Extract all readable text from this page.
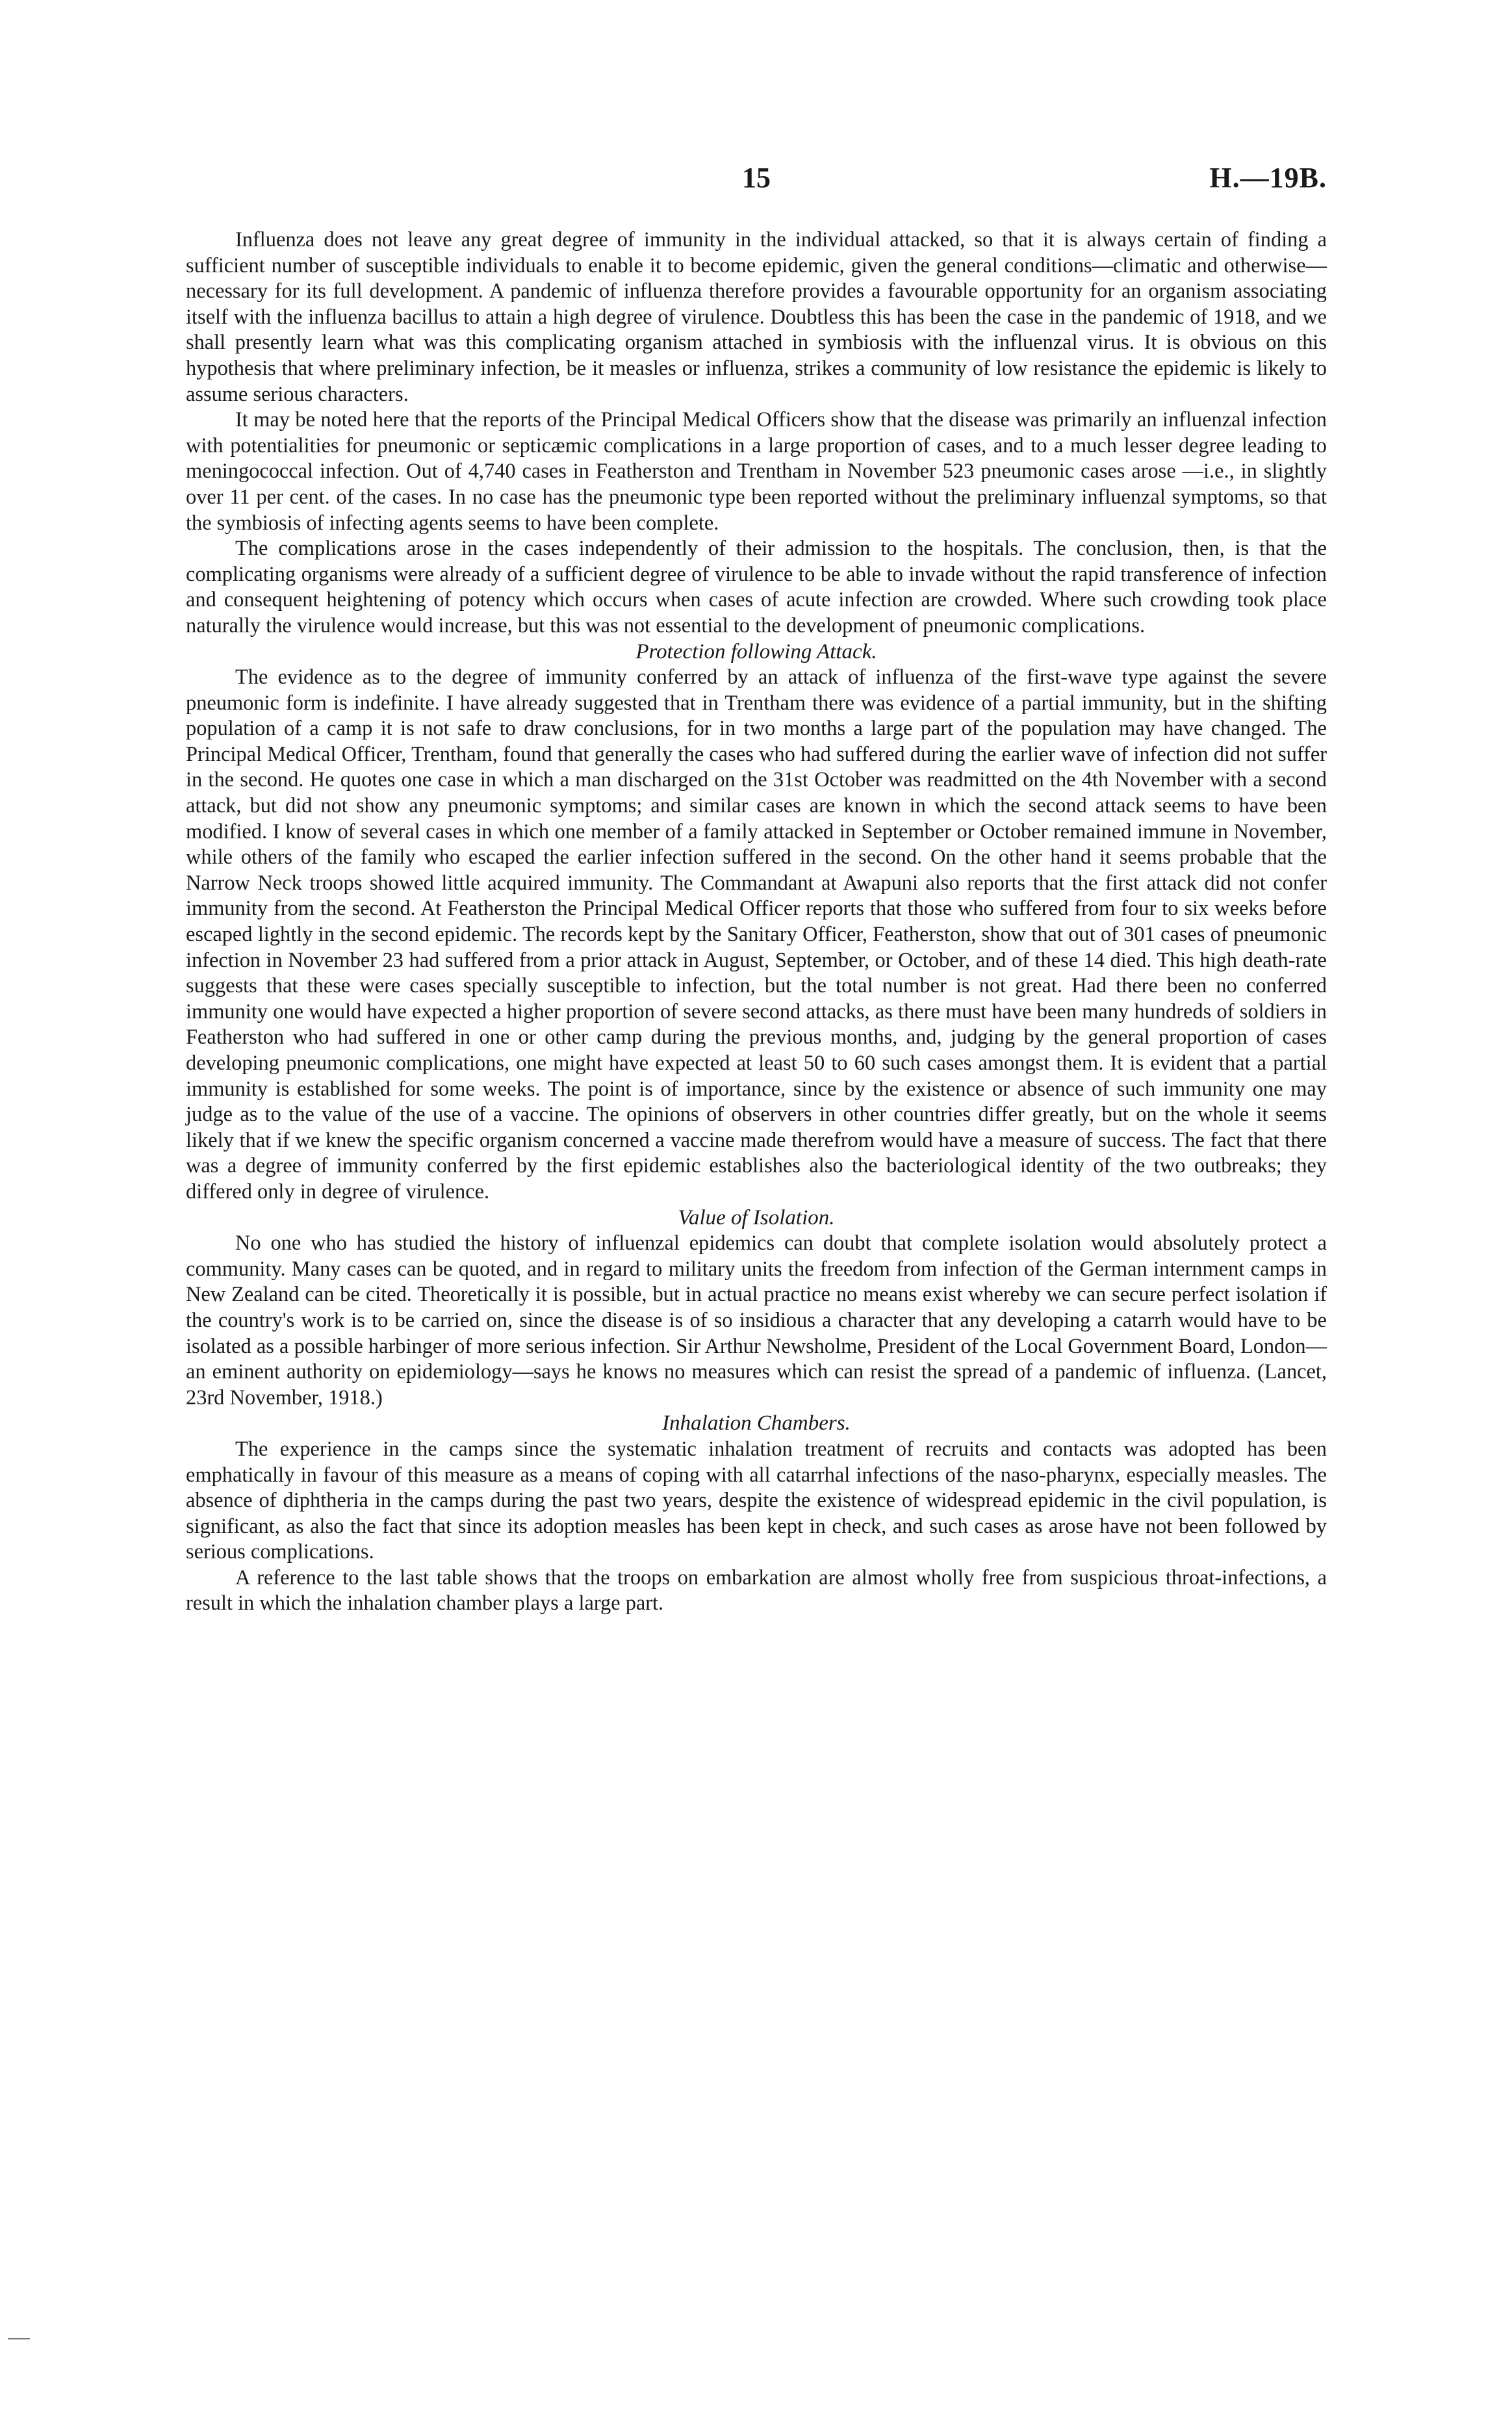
15	H.—19B.

Influenza does not leave any great degree of immunity in the individual attacked, so that it is always certain of finding a sufficient number of susceptible individuals to enable it to become epidemic, given the general conditions—climatic and otherwise—necessary for its full development. A pandemic of influenza therefore provides a favourable opportunity for an organism associating itself with the influenza bacillus to attain a high degree of virulence. Doubtless this has been the case in the pandemic of 1918, and we shall presently learn what was this complicating organism attached in symbiosis with the influenzal virus. It is obvious on this hypothesis that where preliminary infection, be it measles or influenza, strikes a community of low resistance the epidemic is likely to assume serious characters.

It may be noted here that the reports of the Principal Medical Officers show that the disease was primarily an influenzal infection with potentialities for pneumonic or septicæmic complications in a large proportion of cases, and to a much lesser degree leading to meningococcal infection. Out of 4,740 cases in Featherston and Trentham in November 523 pneumonic cases arose —i.e., in slightly over 11 per cent. of the cases. In no case has the pneumonic type been reported without the preliminary influenzal symptoms, so that the symbiosis of infecting agents seems to have been complete.

The complications arose in the cases independently of their admission to the hospitals. The conclusion, then, is that the complicating organisms were already of a sufficient degree of virulence to be able to invade without the rapid transference of infection and consequent heightening of potency which occurs when cases of acute infection are crowded. Where such crowding took place naturally the virulence would increase, but this was not essential to the development of pneumonic complications.

Protection following Attack.

The evidence as to the degree of immunity conferred by an attack of influenza of the first-wave type against the severe pneumonic form is indefinite. I have already suggested that in Trentham there was evidence of a partial immunity, but in the shifting population of a camp it is not safe to draw conclusions, for in two months a large part of the population may have changed. The Principal Medical Officer, Trentham, found that generally the cases who had suffered during the earlier wave of infection did not suffer in the second. He quotes one case in which a man discharged on the 31st October was readmitted on the 4th November with a second attack, but did not show any pneumonic symptoms; and similar cases are known in which the second attack seems to have been modified. I know of several cases in which one member of a family attacked in September or October remained immune in November, while others of the family who escaped the earlier infection suffered in the second. On the other hand it seems probable that the Narrow Neck troops showed little acquired immunity. The Commandant at Awapuni also reports that the first attack did not confer immunity from the second. At Featherston the Principal Medical Officer reports that those who suffered from four to six weeks before escaped lightly in the second epidemic. The records kept by the Sanitary Officer, Featherston, show that out of 301 cases of pneumonic infection in November 23 had suffered from a prior attack in August, September, or October, and of these 14 died. This high death-rate suggests that these were cases specially susceptible to infection, but the total number is not great. Had there been no conferred immunity one would have expected a higher proportion of severe second attacks, as there must have been many hundreds of soldiers in Featherston who had suffered in one or other camp during the previous months, and, judging by the general proportion of cases developing pneumonic complications, one might have expected at least 50 to 60 such cases amongst them. It is evident that a partial immunity is established for some weeks. The point is of importance, since by the existence or absence of such immunity one may judge as to the value of the use of a vaccine. The opinions of observers in other countries differ greatly, but on the whole it seems likely that if we knew the specific organism concerned a vaccine made therefrom would have a measure of success. The fact that there was a degree of immunity conferred by the first epidemic establishes also the bacteriological identity of the two outbreaks; they differed only in degree of virulence.

Value of Isolation.

No one who has studied the history of influenzal epidemics can doubt that complete isolation would absolutely protect a community. Many cases can be quoted, and in regard to military units the freedom from infection of the German internment camps in New Zealand can be cited. Theoretically it is possible, but in actual practice no means exist whereby we can secure perfect isolation if the country's work is to be carried on, since the disease is of so insidious a character that any developing a catarrh would have to be isolated as a possible harbinger of more serious infection. Sir Arthur Newsholme, President of the Local Government Board, London—an eminent authority on epidemiology—says he knows no measures which can resist the spread of a pandemic of influenza. (Lancet, 23rd November, 1918.)

Inhalation Chambers.

The experience in the camps since the systematic inhalation treatment of recruits and contacts was adopted has been emphatically in favour of this measure as a means of coping with all catarrhal infections of the naso-pharynx, especially measles. The absence of diphtheria in the camps during the past two years, despite the existence of widespread epidemic in the civil population, is significant, as also the fact that since its adoption measles has been kept in check, and such cases as arose have not been followed by serious complications.

A reference to the last table shows that the troops on embarkation are almost wholly free from suspicious throat-infections, a result in which the inhalation chamber plays a large part.
